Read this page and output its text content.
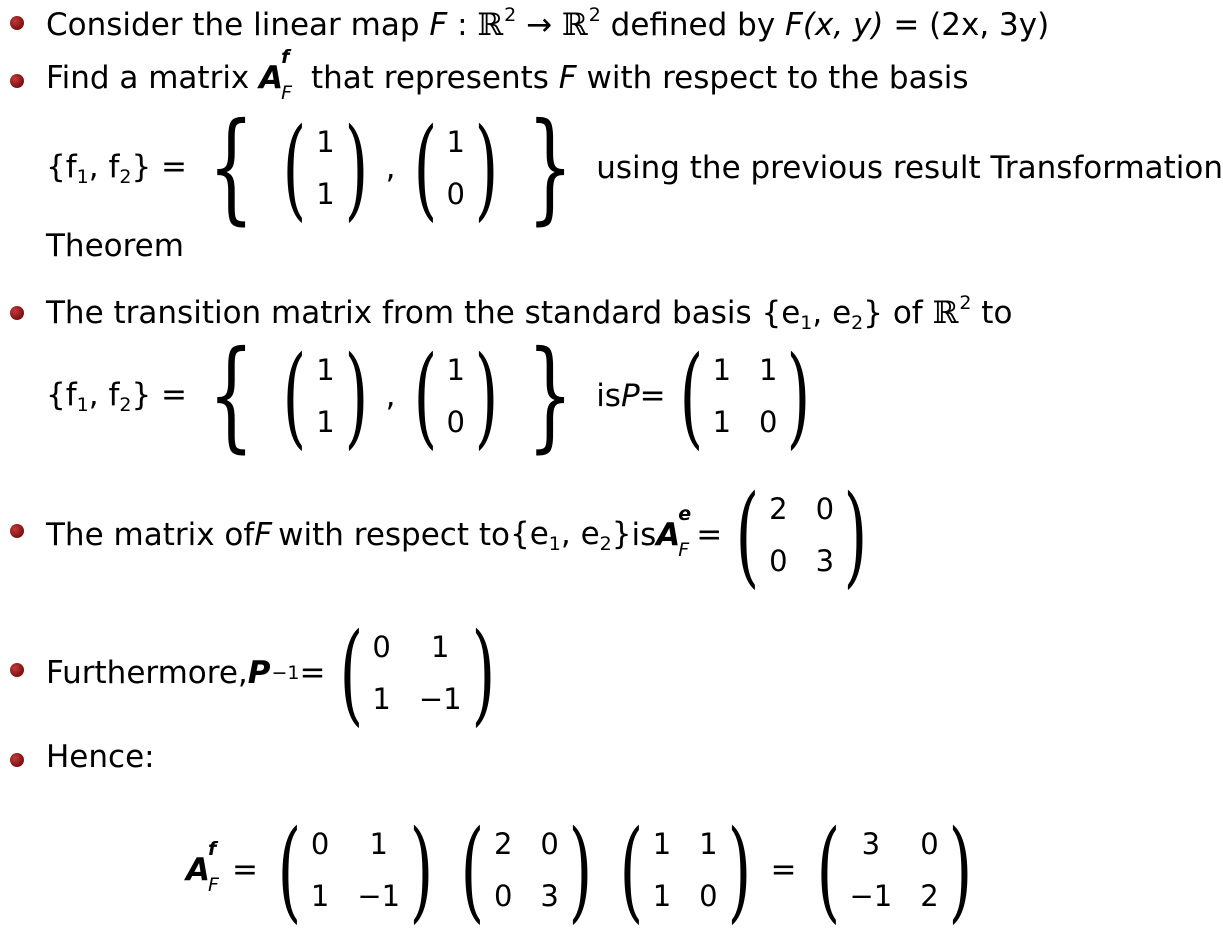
Consider the linear map F : ℝ$^2$ → ℝ$^2$ defined by F(x, y) = (2x, 3y)
Find a matrix A
f
F that represents F with respect to the basis
{$f_1$, $f_2$} = { ( 1
1 ) , ( 1
0 ) } using the previous result Transformation
Theorem
The transition matrix from the standard basis {$e_1$, $e_2$} of ℝ$^2$ to
{$f_1$, $f_2$} = { ( 1
1 ) , ( 1
0 ) } is P = ( 1 1
1 0 )
The matrix of F with respect to {$e_1$, $e_2$} is A
e
F = ( 2 0
0 3 )
Furthermore, P −1 = ( 0	1
1 −1 )
Hence:
A
f
F = ( 0	1
1 −1 ) ( 2 0
0 3 ) ( 1 1
1 0 ) = ( 3	0
−1 2 )
